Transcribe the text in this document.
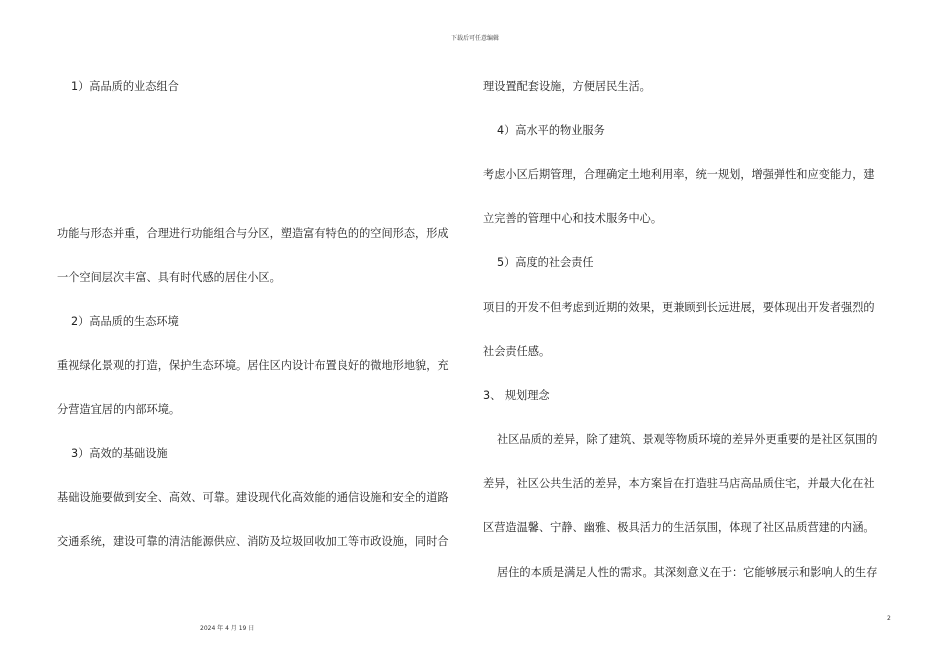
下载后可任意编辑
1）高品质的业态组合
功能与形态并重，合理进行功能组合与分区，塑造富有特色的的空间形态，形成
一个空间层次丰富、具有时代感的居住小区。
2）高品质的生态环境
重视绿化景观的打造，保护生态环境。居住区内设计布置良好的微地形地貌，充
分营造宜居的内部环境。
3）高效的基础设施
基础设施要做到安全、高效、可靠。建设现代化高效能的通信设施和安全的道路
交通系统，建设可靠的清洁能源供应、消防及垃圾回收加工等市政设施，同时合
理设置配套设施，方便居民生活。
4）高水平的物业服务
考虑小区后期管理，合理确定土地利用率，统一规划，增强弹性和应变能力，建
立完善的管理中心和技术服务中心。
5）高度的社会责任
项目的开发不但考虑到近期的效果，更兼顾到长远进展，要体现出开发者强烈的
社会责任感。
3、 规划理念
社区品质的差异，除了建筑、景观等物质环境的差异外更重要的是社区氛围的
差异，社区公共生活的差异，本方案旨在打造驻马店高品质住宅，并最大化在社
区营造温馨、宁静、幽雅、极具活力的生活氛围，体现了社区品质营建的内涵。
居住的本质是满足人性的需求。其深刻意义在于：它能够展示和影响人的生存
2024 年 4 月 19 日
2
